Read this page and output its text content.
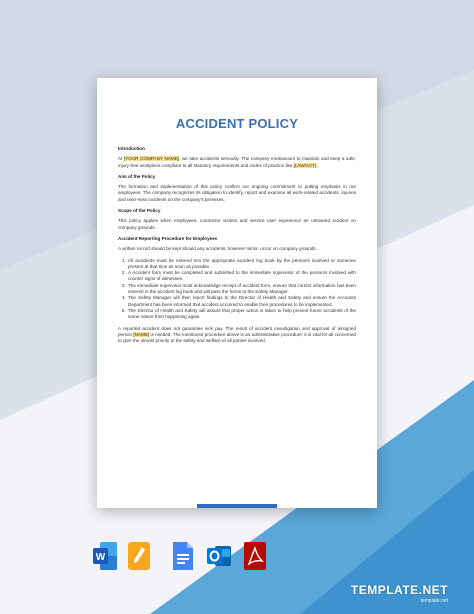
ACCIDENT POLICY
Introduction
At [YOUR COMPANY NAME], we take accidents seriously. The company endeavours to maintain and keep a safe, injury-free workplace compliant to all statutory requirements and codes of practice like [LAW/ACT].
Aim of the Policy
The formation and implementation of this policy confirm our ongoing commitment to putting emphasis in our employees. The company recognizes its obligation to identify, report and examine all work-related accidents, injuries and near-miss incidents on the company's premises.
Scope of the Policy
This policy applies when employees, contractor visitors and service user experience an untoward incident on company grounds.
Accident Reporting Procedure for Employees
A written record should be kept should any accidents, however minor, occur on company grounds.
1. All accidents must be entered into the appropriate accident log book by the person/s involved or someone present at that time as soon as possible.
2. A Accident form must be completed and submitted to the immediate supervisor of the person/s involved with counter signs of witnesses.
3. The immediate supervisor must acknowledge receipt of accident form, ensure that correct information has been entered in the accident log book and will pass the forms to the Safety Manager.
4. The Safety Manager will then report findings to the Director of Health and Safety and ensure the Accounts Department has been informed that accident occurred to enable their procedures to be implemented.
5. The Director of Health and Safety will assure that proper action is taken to help prevent future accidents of the same nature from happening again.
A reported accident does not guarantee sick pay. The result of accident investigation and approval of assigned person [NAME] is needed. The mentioned procedure above is an administrative procedure; it is vital for all concerned to give the utmost priority to the safety and welfare of all parties involved.
W
TEMPLATE.NET
template.net
